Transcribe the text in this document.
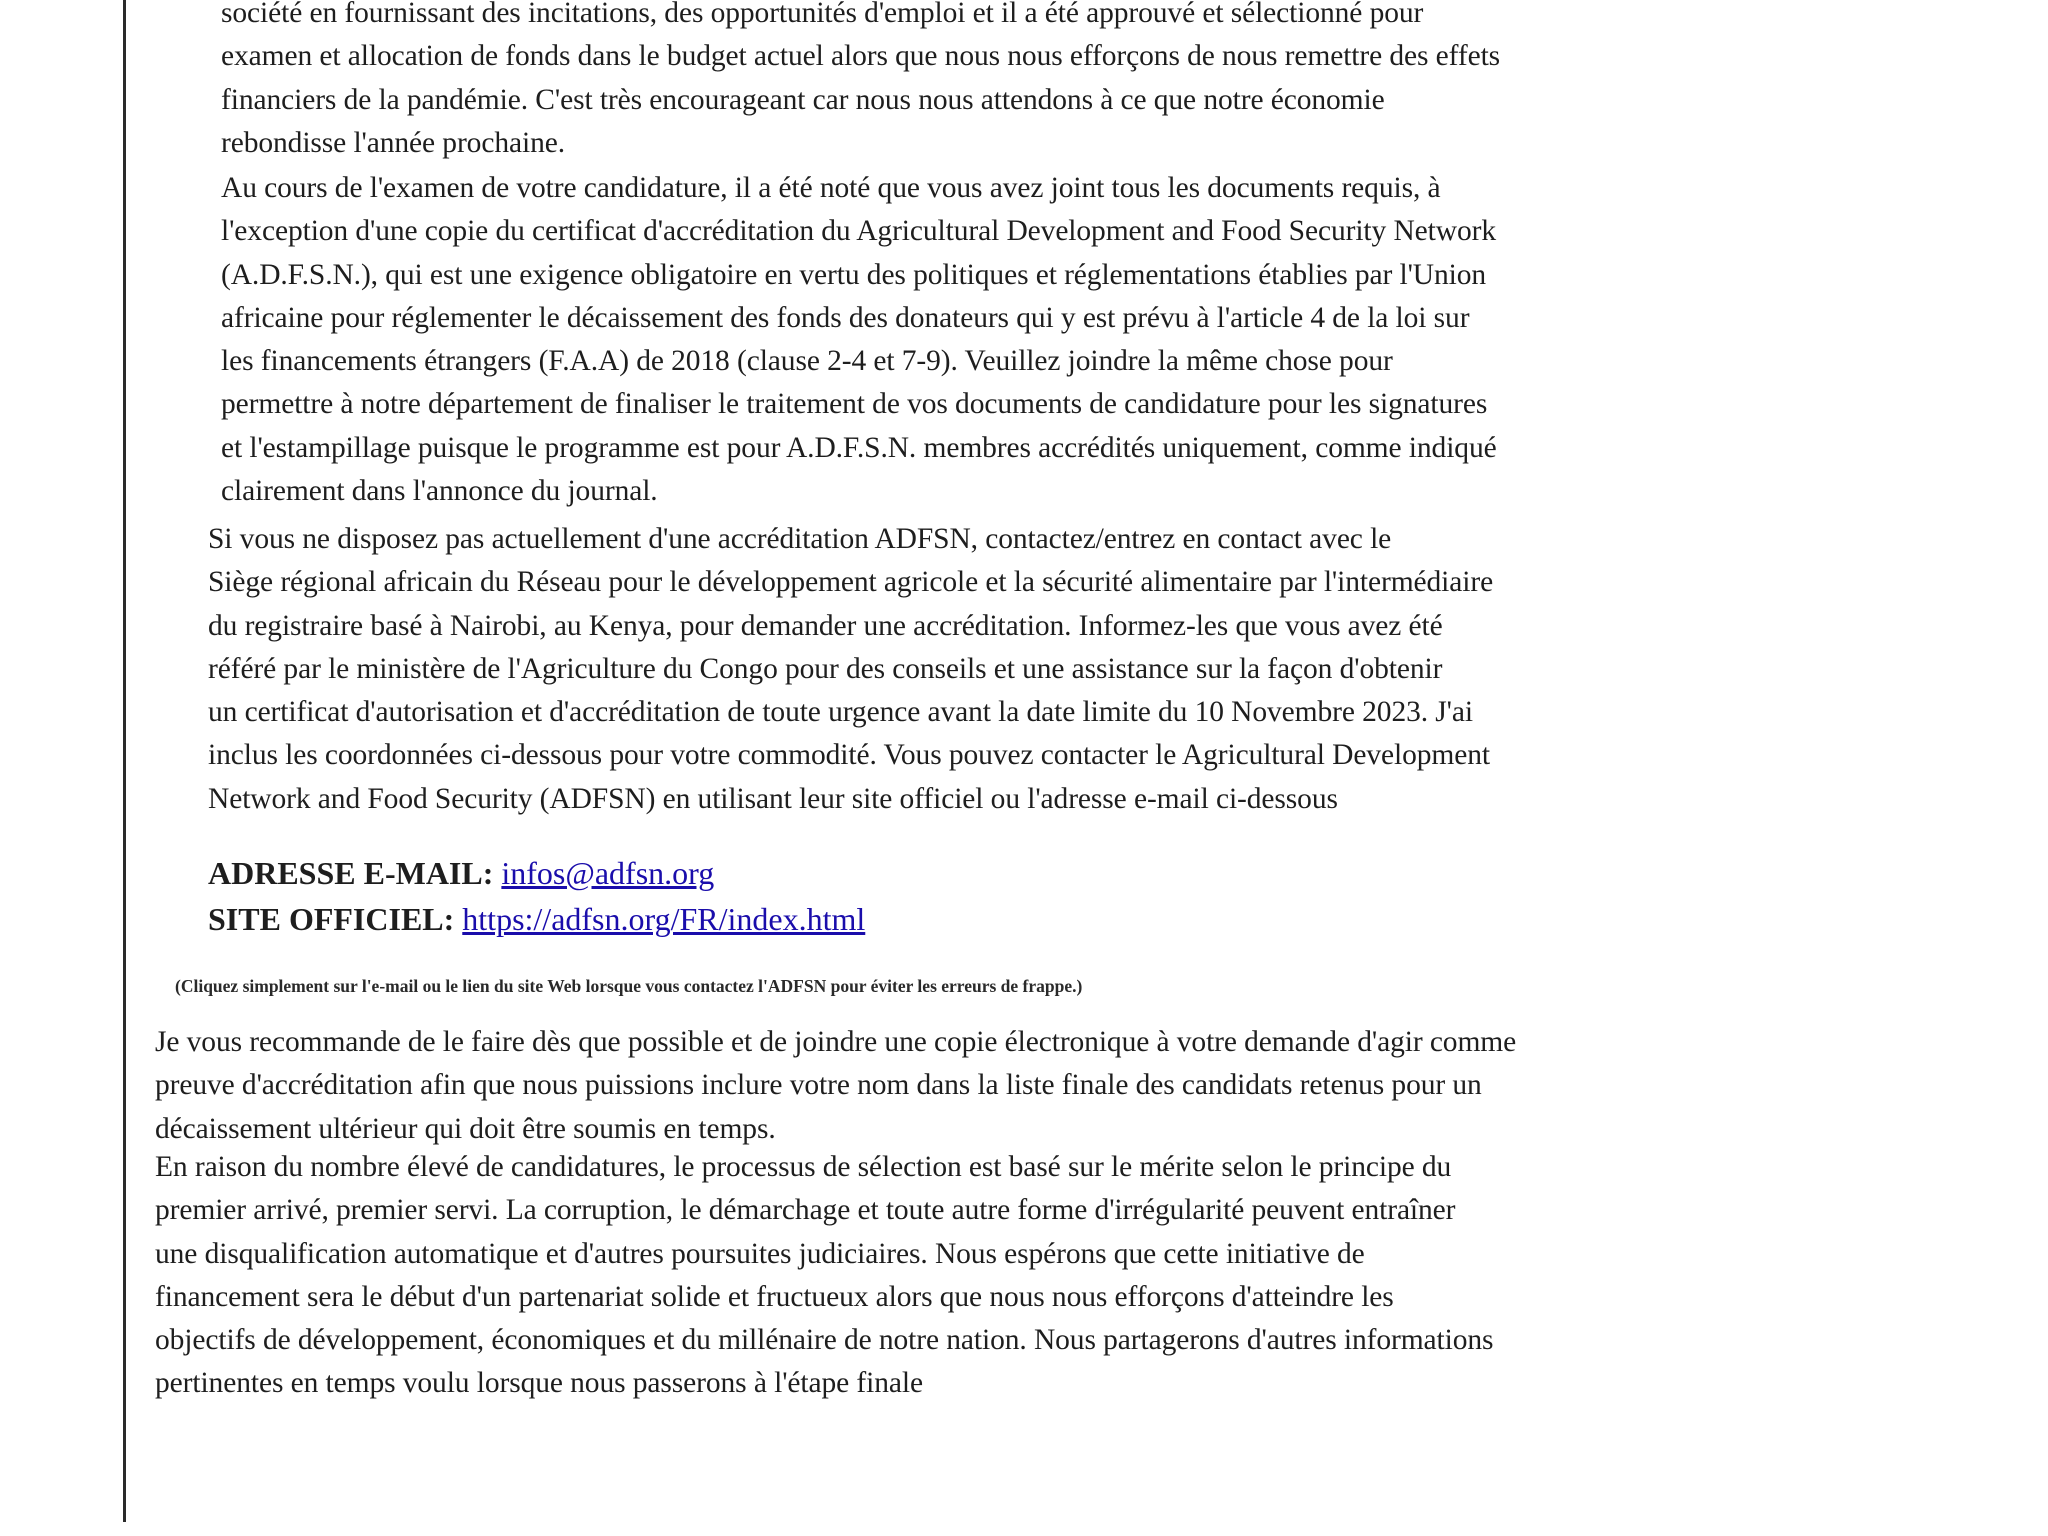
société en fournissant des incitations, des opportunités d'emploi et il a été approuvé et sélectionné pour
examen et allocation de fonds dans le budget actuel alors que nous nous efforçons de nous remettre des effets
financiers de la pandémie. C'est très encourageant car nous nous attendons à ce que notre économie
rebondisse l'année prochaine.

Au cours de l'examen de votre candidature, il a été noté que vous avez joint tous les documents requis, à
l'exception d'une copie du certificat d'accréditation du Agricultural Development and Food Security Network
(A.D.F.S.N.), qui est une exigence obligatoire en vertu des politiques et réglementations établies par l'Union
africaine pour réglementer le décaissement des fonds des donateurs qui y est prévu à l'article 4 de la loi sur
les financements étrangers (F.A.A) de 2018 (clause 2-4 et 7-9). Veuillez joindre la même chose pour
permettre à notre département de finaliser le traitement de vos documents de candidature pour les signatures
et l'estampillage puisque le programme est pour A.D.F.S.N. membres accrédités uniquement, comme indiqué
clairement dans l'annonce du journal.

Si vous ne disposez pas actuellement d'une accréditation ADFSN, contactez/entrez en contact avec le
Siège régional africain du Réseau pour le développement agricole et la sécurité alimentaire par l'intermédiaire
du registraire basé à Nairobi, au Kenya, pour demander une accréditation. Informez-les que vous avez été
référé par le ministère de l'Agriculture du Congo pour des conseils et une assistance sur la façon d'obtenir
un certificat d'autorisation et d'accréditation de toute urgence avant la date limite du 10 Novembre 2023. J'ai
inclus les coordonnées ci-dessous pour votre commodité. Vous pouvez contacter le Agricultural Development
Network and Food Security (ADFSN) en utilisant leur site officiel ou l'adresse e-mail ci-dessous

ADRESSE E-MAIL: infos@adfsn.org

SITE OFFICIEL: https://adfsn.org/FR/index.html

(Cliquez simplement sur l'e-mail ou le lien du site Web lorsque vous contactez l'ADFSN pour éviter les erreurs de frappe.)

Je vous recommande de le faire dès que possible et de joindre une copie électronique à votre demande d'agir comme
preuve d'accréditation afin que nous puissions inclure votre nom dans la liste finale des candidats retenus pour un
décaissement ultérieur qui doit être soumis en temps.

En raison du nombre élevé de candidatures, le processus de sélection est basé sur le mérite selon le principe du
premier arrivé, premier servi. La corruption, le démarchage et toute autre forme d'irrégularité peuvent entraîner
une disqualification automatique et d'autres poursuites judiciaires. Nous espérons que cette initiative de
financement sera le début d'un partenariat solide et fructueux alors que nous nous efforçons d'atteindre les
objectifs de développement, économiques et du millénaire de notre nation. Nous partagerons d'autres informations
pertinentes en temps voulu lorsque nous passerons à l'étape finale
